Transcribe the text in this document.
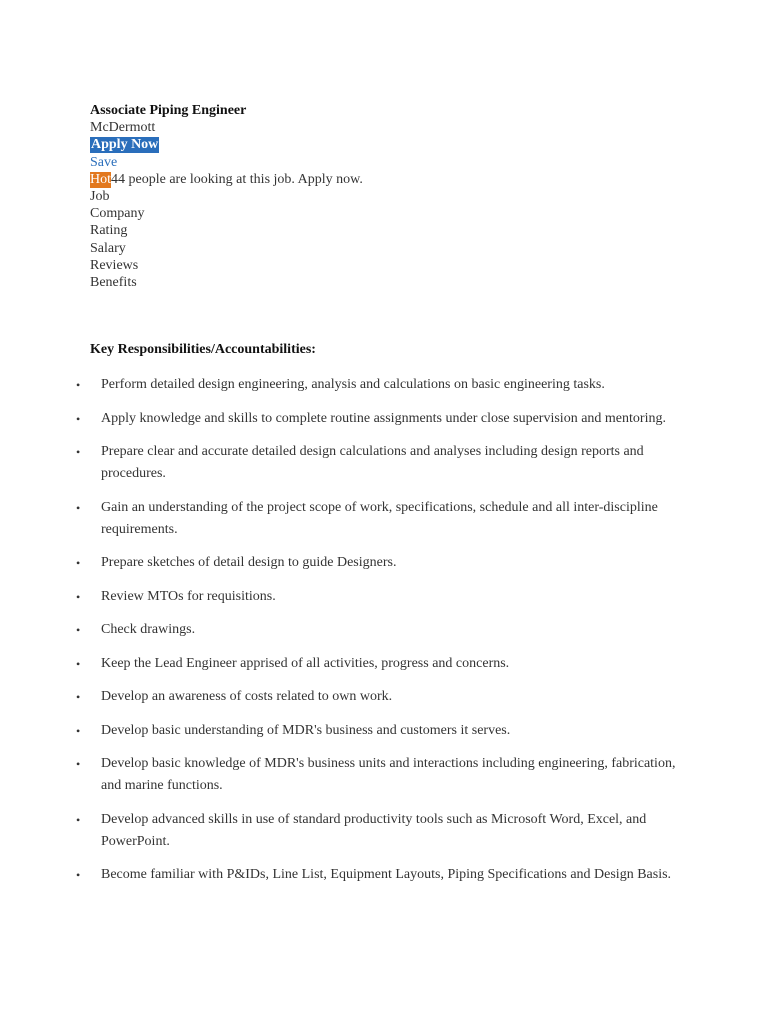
Associate Piping Engineer
McDermott
Apply Now
Save
Hot44 people are looking at this job. Apply now.
Job
Company
Rating
Salary
Reviews
Benefits
Key Responsibilities/Accountabilities:
• Perform detailed design engineering, analysis and calculations on basic engineering tasks.
• Apply knowledge and skills to complete routine assignments under close supervision and mentoring.
• Prepare clear and accurate detailed design calculations and analyses including design reports and procedures.
• Gain an understanding of the project scope of work, specifications, schedule and all inter-discipline requirements.
• Prepare sketches of detail design to guide Designers.
• Review MTOs for requisitions.
• Check drawings.
• Keep the Lead Engineer apprised of all activities, progress and concerns.
• Develop an awareness of costs related to own work.
• Develop basic understanding of MDR's business and customers it serves.
• Develop basic knowledge of MDR's business units and interactions including engineering, fabrication, and marine functions.
• Develop advanced skills in use of standard productivity tools such as Microsoft Word, Excel, and PowerPoint.
• Become familiar with P&IDs, Line List, Equipment Layouts, Piping Specifications and Design Basis.
